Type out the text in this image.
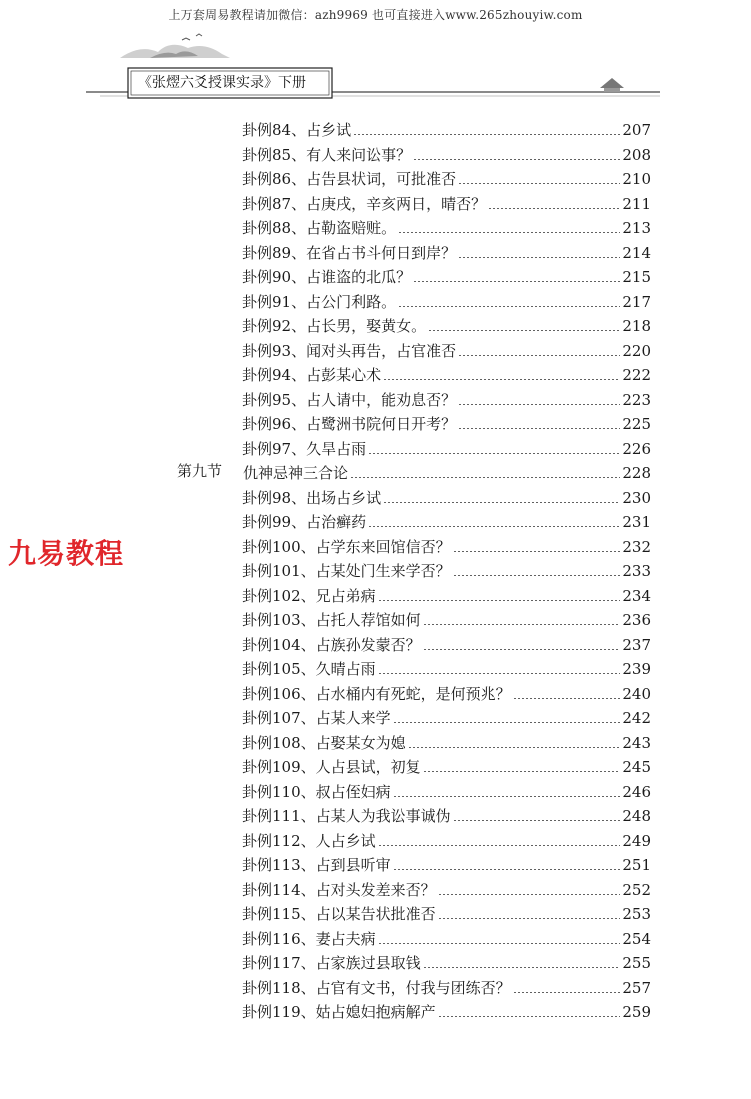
上万套周易教程请加微信：azh9969 也可直接进入www.265zhouyiw.com
《张熤六爻授课实录》下册
九易教程
卦例84、占乡试	207
卦例85、有人来问讼事？	208
卦例86、占告县状词，可批准否	210
卦例87、占庚戌，辛亥两日，晴否？	211
卦例88、占勒盗赔赃。	213
卦例89、在省占书斗何日到岸？	214
卦例90、占谁盗的北瓜？	215
卦例91、占公门利路。	217
卦例92、占长男，娶黄女。	218
卦例93、闻对头再告，占官准否	220
卦例94、占彭某心术	222
卦例95、占人请中，能劝息否？	223
卦例96、占鹭洲书院何日开考？	225
卦例97、久旱占雨	226
第九节 仇神忌神三合论	228
卦例98、出场占乡试	230
卦例99、占治癣药	231
卦例100、占学东来回馆信否？	232
卦例101、占某处门生来学否？	233
卦例102、兄占弟病	234
卦例103、占托人荐馆如何	236
卦例104、占族孙发蒙否？	237
卦例105、久晴占雨	239
卦例106、占水桶内有死蛇，是何预兆？	240
卦例107、占某人来学	242
卦例108、占娶某女为媳	243
卦例109、人占县试，初复	245
卦例110、叔占侄妇病	246
卦例111、占某人为我讼事诚伪	248
卦例112、人占乡试	249
卦例113、占到县听审	251
卦例114、占对头发差来否？	252
卦例115、占以某告状批准否	253
卦例116、妻占夫病	254
卦例117、占家族过县取钱	255
卦例118、占官有文书，付我与团练否？	257
卦例119、姑占媳妇抱病解产	259
